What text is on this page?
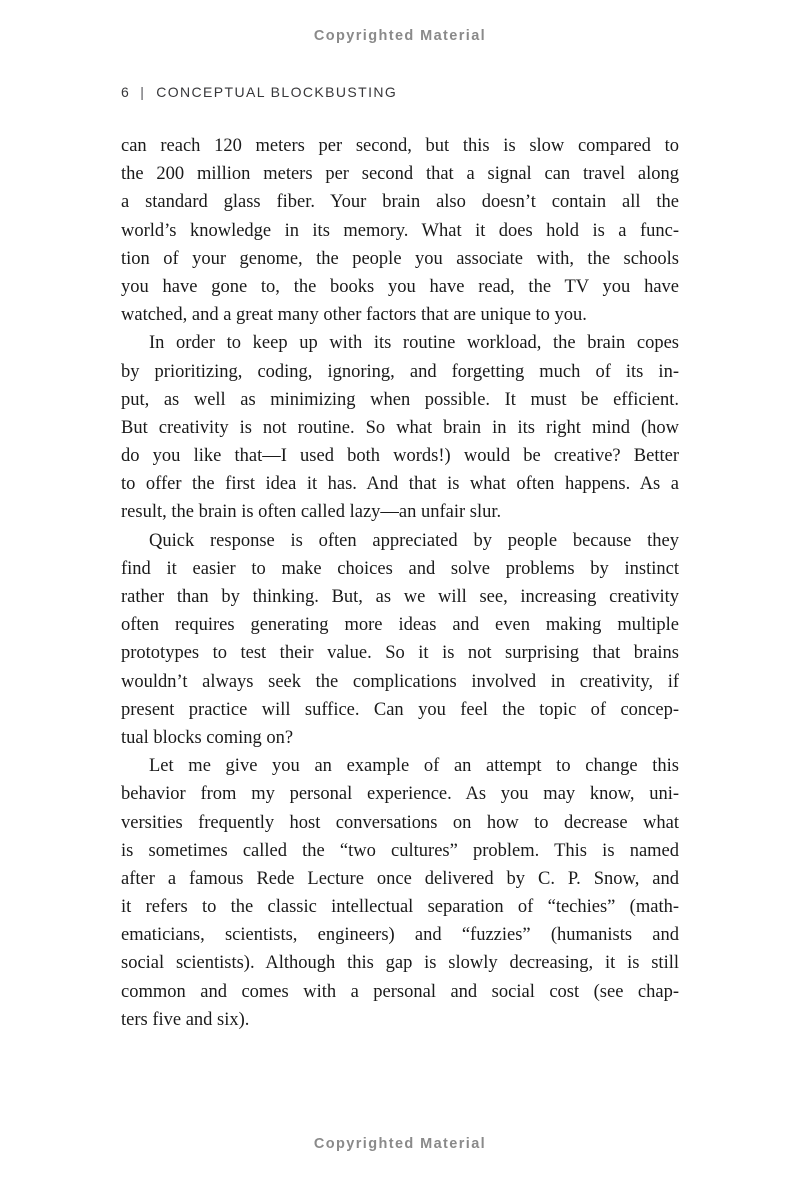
Copyrighted Material
6 | CONCEPTUAL BLOCKBUSTING
can reach 120 meters per second, but this is slow compared to
the 200 million meters per second that a signal can travel along
a standard glass fiber. Your brain also doesn’t contain all the
world’s knowledge in its memory. What it does hold is a func-
tion of your genome, the people you associate with, the schools
you have gone to, the books you have read, the TV you have
watched, and a great many other factors that are unique to you.
In order to keep up with its routine workload, the brain copes
by prioritizing, coding, ignoring, and forgetting much of its in-
put, as well as minimizing when possible. It must be efficient.
But creativity is not routine. So what brain in its right mind (how
do you like that—I used both words!) would be creative? Better
to offer the first idea it has. And that is what often happens. As a
result, the brain is often called lazy—an unfair slur.
Quick response is often appreciated by people because they
find it easier to make choices and solve problems by instinct
rather than by thinking. But, as we will see, increasing creativity
often requires generating more ideas and even making multiple
prototypes to test their value. So it is not surprising that brains
wouldn’t always seek the complications involved in creativity, if
present practice will suffice. Can you feel the topic of concep-
tual blocks coming on?
Let me give you an example of an attempt to change this
behavior from my personal experience. As you may know, uni-
versities frequently host conversations on how to decrease what
is sometimes called the “two cultures” problem. This is named
after a famous Rede Lecture once delivered by C. P. Snow, and
it refers to the classic intellectual separation of “techies” (math-
ematicians, scientists, engineers) and “fuzzies” (humanists and
social scientists). Although this gap is slowly decreasing, it is still
common and comes with a personal and social cost (see chap-
ters five and six).
Copyrighted Material
